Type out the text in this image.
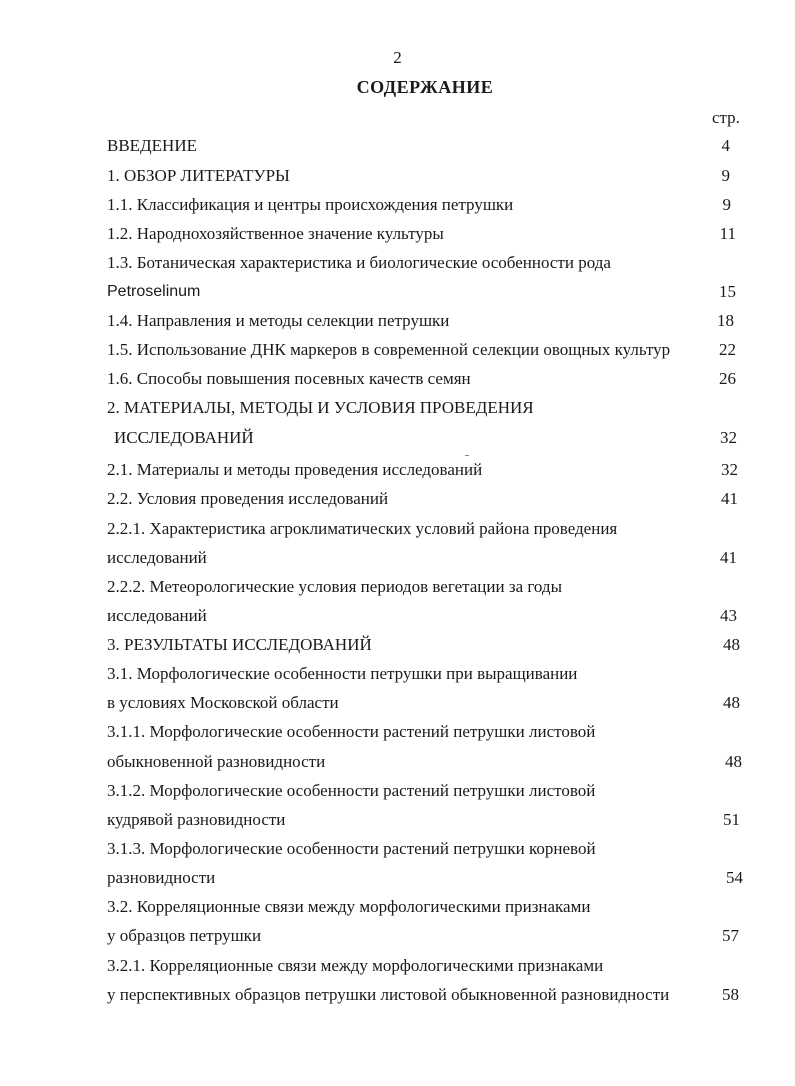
2
СОДЕРЖАНИЕ
стр.
ВВЕДЕНИЕ
1. ОБЗОР ЛИТЕРАТУРЫ
1.1. Классификация и центры происхождения петрушки
1.2. Народнохозяйственное значение культуры
1.3. Ботаническая характеристика и биологические особенности рода
Petroselinum
1.4. Направления и методы селекции петрушки
1.5. Использование ДНК маркеров в современной селекции овощных культур
1.6. Способы повышения посевных качеств семян
2. МАТЕРИАЛЫ, МЕТОДЫ И УСЛОВИЯ ПРОВЕДЕНИЯ
ИССЛЕДОВАНИЙ
2.1. Материалы и методы проведения исследований
2.2. Условия проведения исследований
2.2.1. Характеристика агроклиматических условий района проведения
исследований
2.2.2. Метеорологические условия периодов вегетации за годы
исследований
3. РЕЗУЛЬТАТЫ ИССЛЕДОВАНИЙ
3.1. Морфологические особенности петрушки при выращивании
в условиях Московской области
3.1.1. Морфологические особенности растений петрушки листовой
обыкновенной разновидности
3.1.2. Морфологические особенности растений петрушки листовой
кудрявой разновидности
3.1.3. Морфологические особенности растений петрушки корневой
разновидности
3.2. Корреляционные связи между морфологическими признаками
у образцов петрушки
3.2.1. Корреляционные связи между морфологическими признаками
у перспективных образцов петрушки листовой обыкновенной разновидности
4
9
9
11
15
18
22
26
32
32
41
41
43
48
48
48
51
54
57
58
